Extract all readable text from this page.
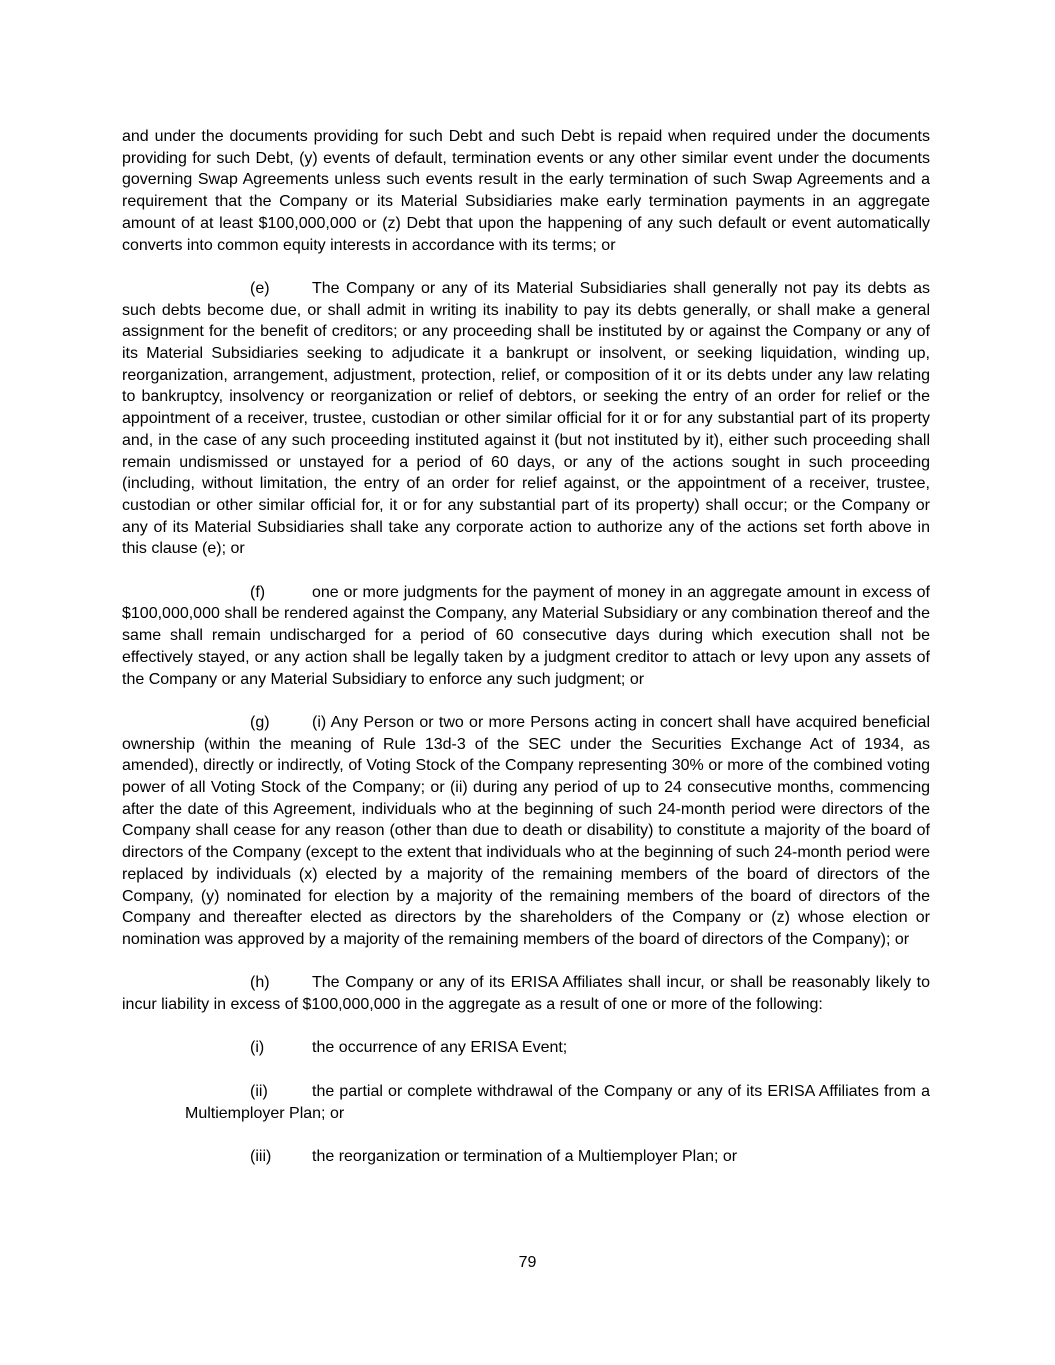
and under the documents providing for such Debt and such Debt is repaid when required under the documents providing for such Debt, (y) events of default, termination events or any other similar event under the documents governing Swap Agreements unless such events result in the early termination of such Swap Agreements and a requirement that the Company or its Material Subsidiaries make early termination payments in an aggregate amount of at least $100,000,000 or (z) Debt that upon the happening of any such default or event automatically converts into common equity interests in accordance with its terms; or

(e)	The Company or any of its Material Subsidiaries shall generally not pay its debts as such debts become due, or shall admit in writing its inability to pay its debts generally, or shall make a general assignment for the benefit of creditors; or any proceeding shall be instituted by or against the Company or any of its Material Subsidiaries seeking to adjudicate it a bankrupt or insolvent, or seeking liquidation, winding up, reorganization, arrangement, adjustment, protection, relief, or composition of it or its debts under any law relating to bankruptcy, insolvency or reorganization or relief of debtors, or seeking the entry of an order for relief or the appointment of a receiver, trustee, custodian or other similar official for it or for any substantial part of its property and, in the case of any such proceeding instituted against it (but not instituted by it), either such proceeding shall remain undismissed or unstayed for a period of 60 days, or any of the actions sought in such proceeding (including, without limitation, the entry of an order for relief against, or the appointment of a receiver, trustee, custodian or other similar official for, it or for any substantial part of its property) shall occur; or the Company or any of its Material Subsidiaries shall take any corporate action to authorize any of the actions set forth above in this clause (e); or

(f)	one or more judgments for the payment of money in an aggregate amount in excess of $100,000,000 shall be rendered against the Company, any Material Subsidiary or any combination thereof and the same shall remain undischarged for a period of 60 consecutive days during which execution shall not be effectively stayed, or any action shall be legally taken by a judgment creditor to attach or levy upon any assets of the Company or any Material Subsidiary to enforce any such judgment; or

(g)	(i) Any Person or two or more Persons acting in concert shall have acquired beneficial ownership (within the meaning of Rule 13d-3 of the SEC under the Securities Exchange Act of 1934, as amended), directly or indirectly, of Voting Stock of the Company representing 30% or more of the combined voting power of all Voting Stock of the Company; or (ii) during any period of up to 24 consecutive months, commencing after the date of this Agreement, individuals who at the beginning of such 24-month period were directors of the Company shall cease for any reason (other than due to death or disability) to constitute a majority of the board of directors of the Company (except to the extent that individuals who at the beginning of such 24-month period were replaced by individuals (x) elected by a majority of the remaining members of the board of directors of the Company, (y) nominated for election by a majority of the remaining members of the board of directors of the Company and thereafter elected as directors by the shareholders of the Company or (z) whose election or nomination was approved by a majority of the remaining members of the board of directors of the Company); or

(h)	The Company or any of its ERISA Affiliates shall incur, or shall be reasonably likely to incur liability in excess of $100,000,000 in the aggregate as a result of one or more of the following:

(i)	the occurrence of any ERISA Event;

(ii)	the partial or complete withdrawal of the Company or any of its ERISA Affiliates from a Multiemployer Plan; or

(iii)	the reorganization or termination of a Multiemployer Plan; or

79
